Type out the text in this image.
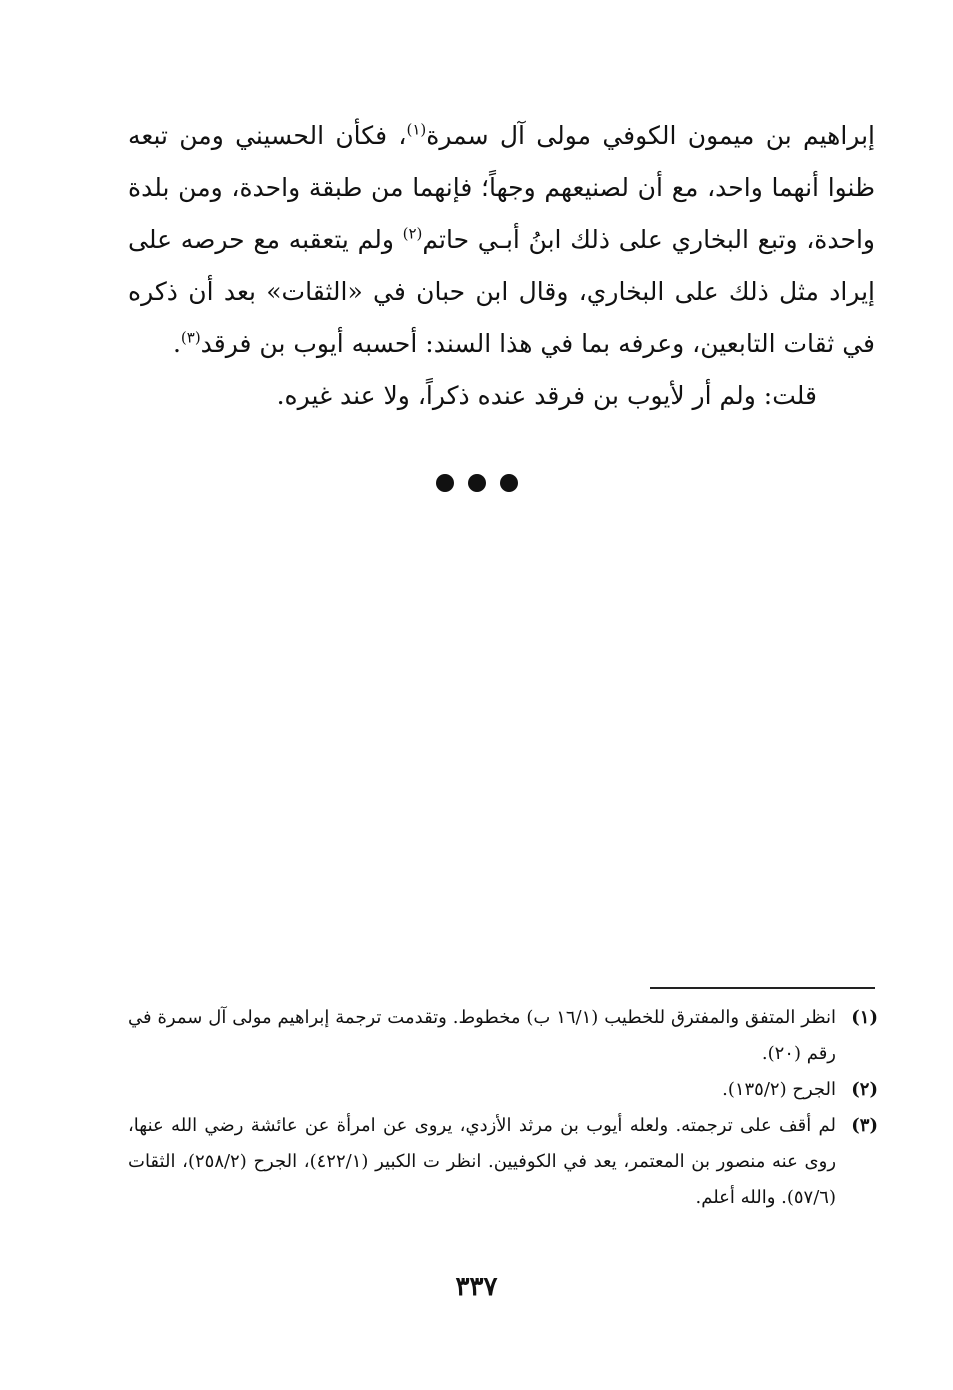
إبراهيم بن ميمون الكوفي مولى آل سمرة$^{(١)}$، فكأن الحسيني ومن تبعه ظنوا أنهما واحد، مع أن لصنيعهم وجهاً؛ فإنهما من طبقة واحدة، ومن بلدة واحدة، وتبع البخاري على ذلك ابنُ أبـي حاتم$^{(٢)}$ ولم يتعقبه مع حرصه على إيراد مثل ذلك على البخاري، وقال ابن حبان في «الثقات» بعد أن ذكره في ثقات التابعين، وعرفه بما في هذا السند: أحسبه أيوب بن فرقد$^{(٣)}$.

قلت: ولم أر لأيوب بن فرقد عنده ذكراً، ولا عند غيره.

(١)
انظر المتفق والمفترق للخطيب (١٦/١ ب) مخطوط. وتقدمت ترجمة إبراهيم مولى آل سمرة في رقم (٢٠).
(٢)
الجرح (١٣٥/٢).
(٣)
لم أقف على ترجمته. ولعله أيوب بن مرثد الأزدي، يروى عن امرأة عن عائشة رضي الله عنها، روى عنه منصور بن المعتمر، يعد في الكوفيين. انظر ت الكبير (٤٢٢/١)، الجرح (٢٥٨/٢)، الثقات (٥٧/٦). والله أعلم.
٣٣٧
